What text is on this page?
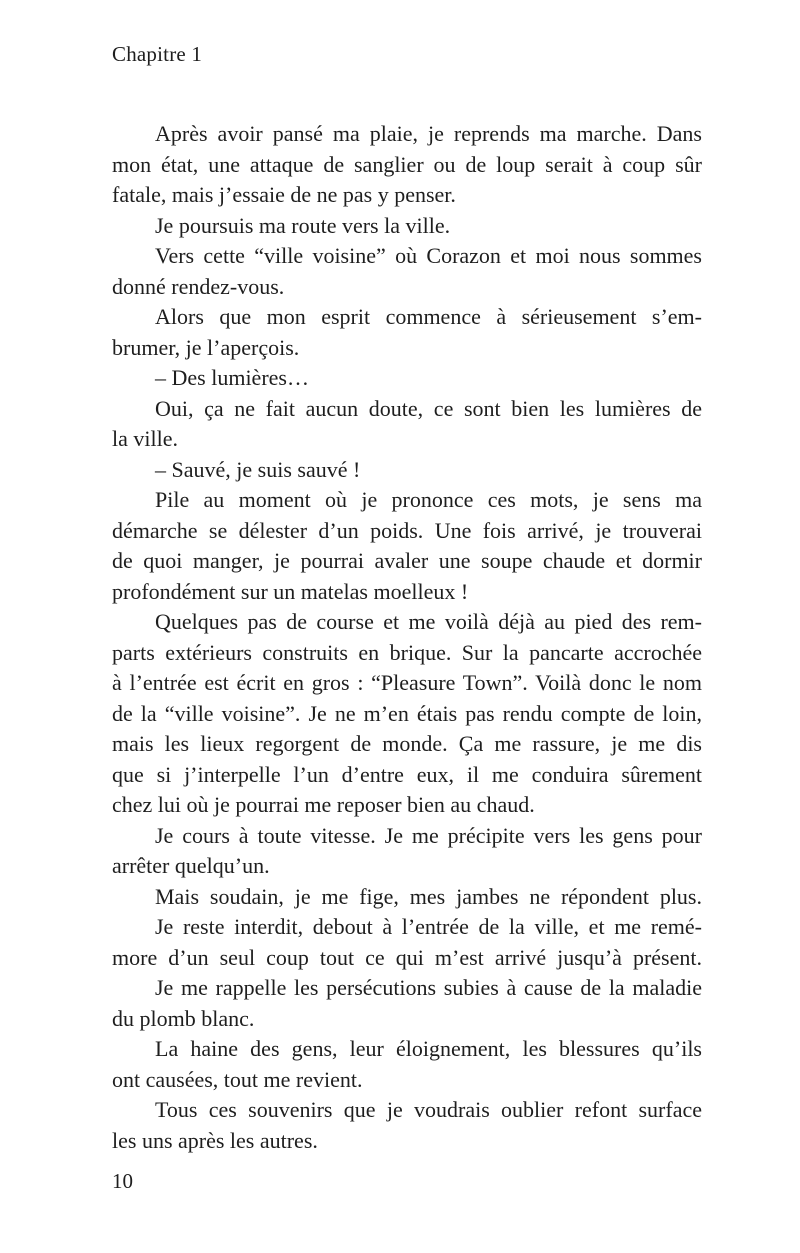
Chapitre 1
Après avoir pansé ma plaie, je reprends ma marche. Dans
mon état, une attaque de sanglier ou de loup serait à coup sûr
fatale, mais j’essaie de ne pas y penser.
Je poursuis ma route vers la ville.
Vers cette “ville voisine” où Corazon et moi nous sommes
donné rendez-vous.
Alors que mon esprit commence à sérieusement s’em-
brumer, je l’aperçois.
– Des lumières…
Oui, ça ne fait aucun doute, ce sont bien les lumières de
la ville.
– Sauvé, je suis sauvé !
Pile au moment où je prononce ces mots, je sens ma
démarche se délester d’un poids. Une fois arrivé, je trouverai
de quoi manger, je pourrai avaler une soupe chaude et dormir
profondément sur un matelas moelleux !
Quelques pas de course et me voilà déjà au pied des rem-
parts extérieurs construits en brique. Sur la pancarte accrochée
à l’entrée est écrit en gros : “Pleasure Town”. Voilà donc le nom
de la “ville voisine”. Je ne m’en étais pas rendu compte de loin,
mais les lieux regorgent de monde. Ça me rassure, je me dis
que si j’interpelle l’un d’entre eux, il me conduira sûrement
chez lui où je pourrai me reposer bien au chaud.
Je cours à toute vitesse. Je me précipite vers les gens pour
arrêter quelqu’un.
Mais soudain, je me fige, mes jambes ne répondent plus.
Je reste interdit, debout à l’entrée de la ville, et me remé-
more d’un seul coup tout ce qui m’est arrivé jusqu’à présent.
Je me rappelle les persécutions subies à cause de la maladie
du plomb blanc.
La haine des gens, leur éloignement, les blessures qu’ils
ont causées, tout me revient.
Tous ces souvenirs que je voudrais oublier refont surface
les uns après les autres.
10
